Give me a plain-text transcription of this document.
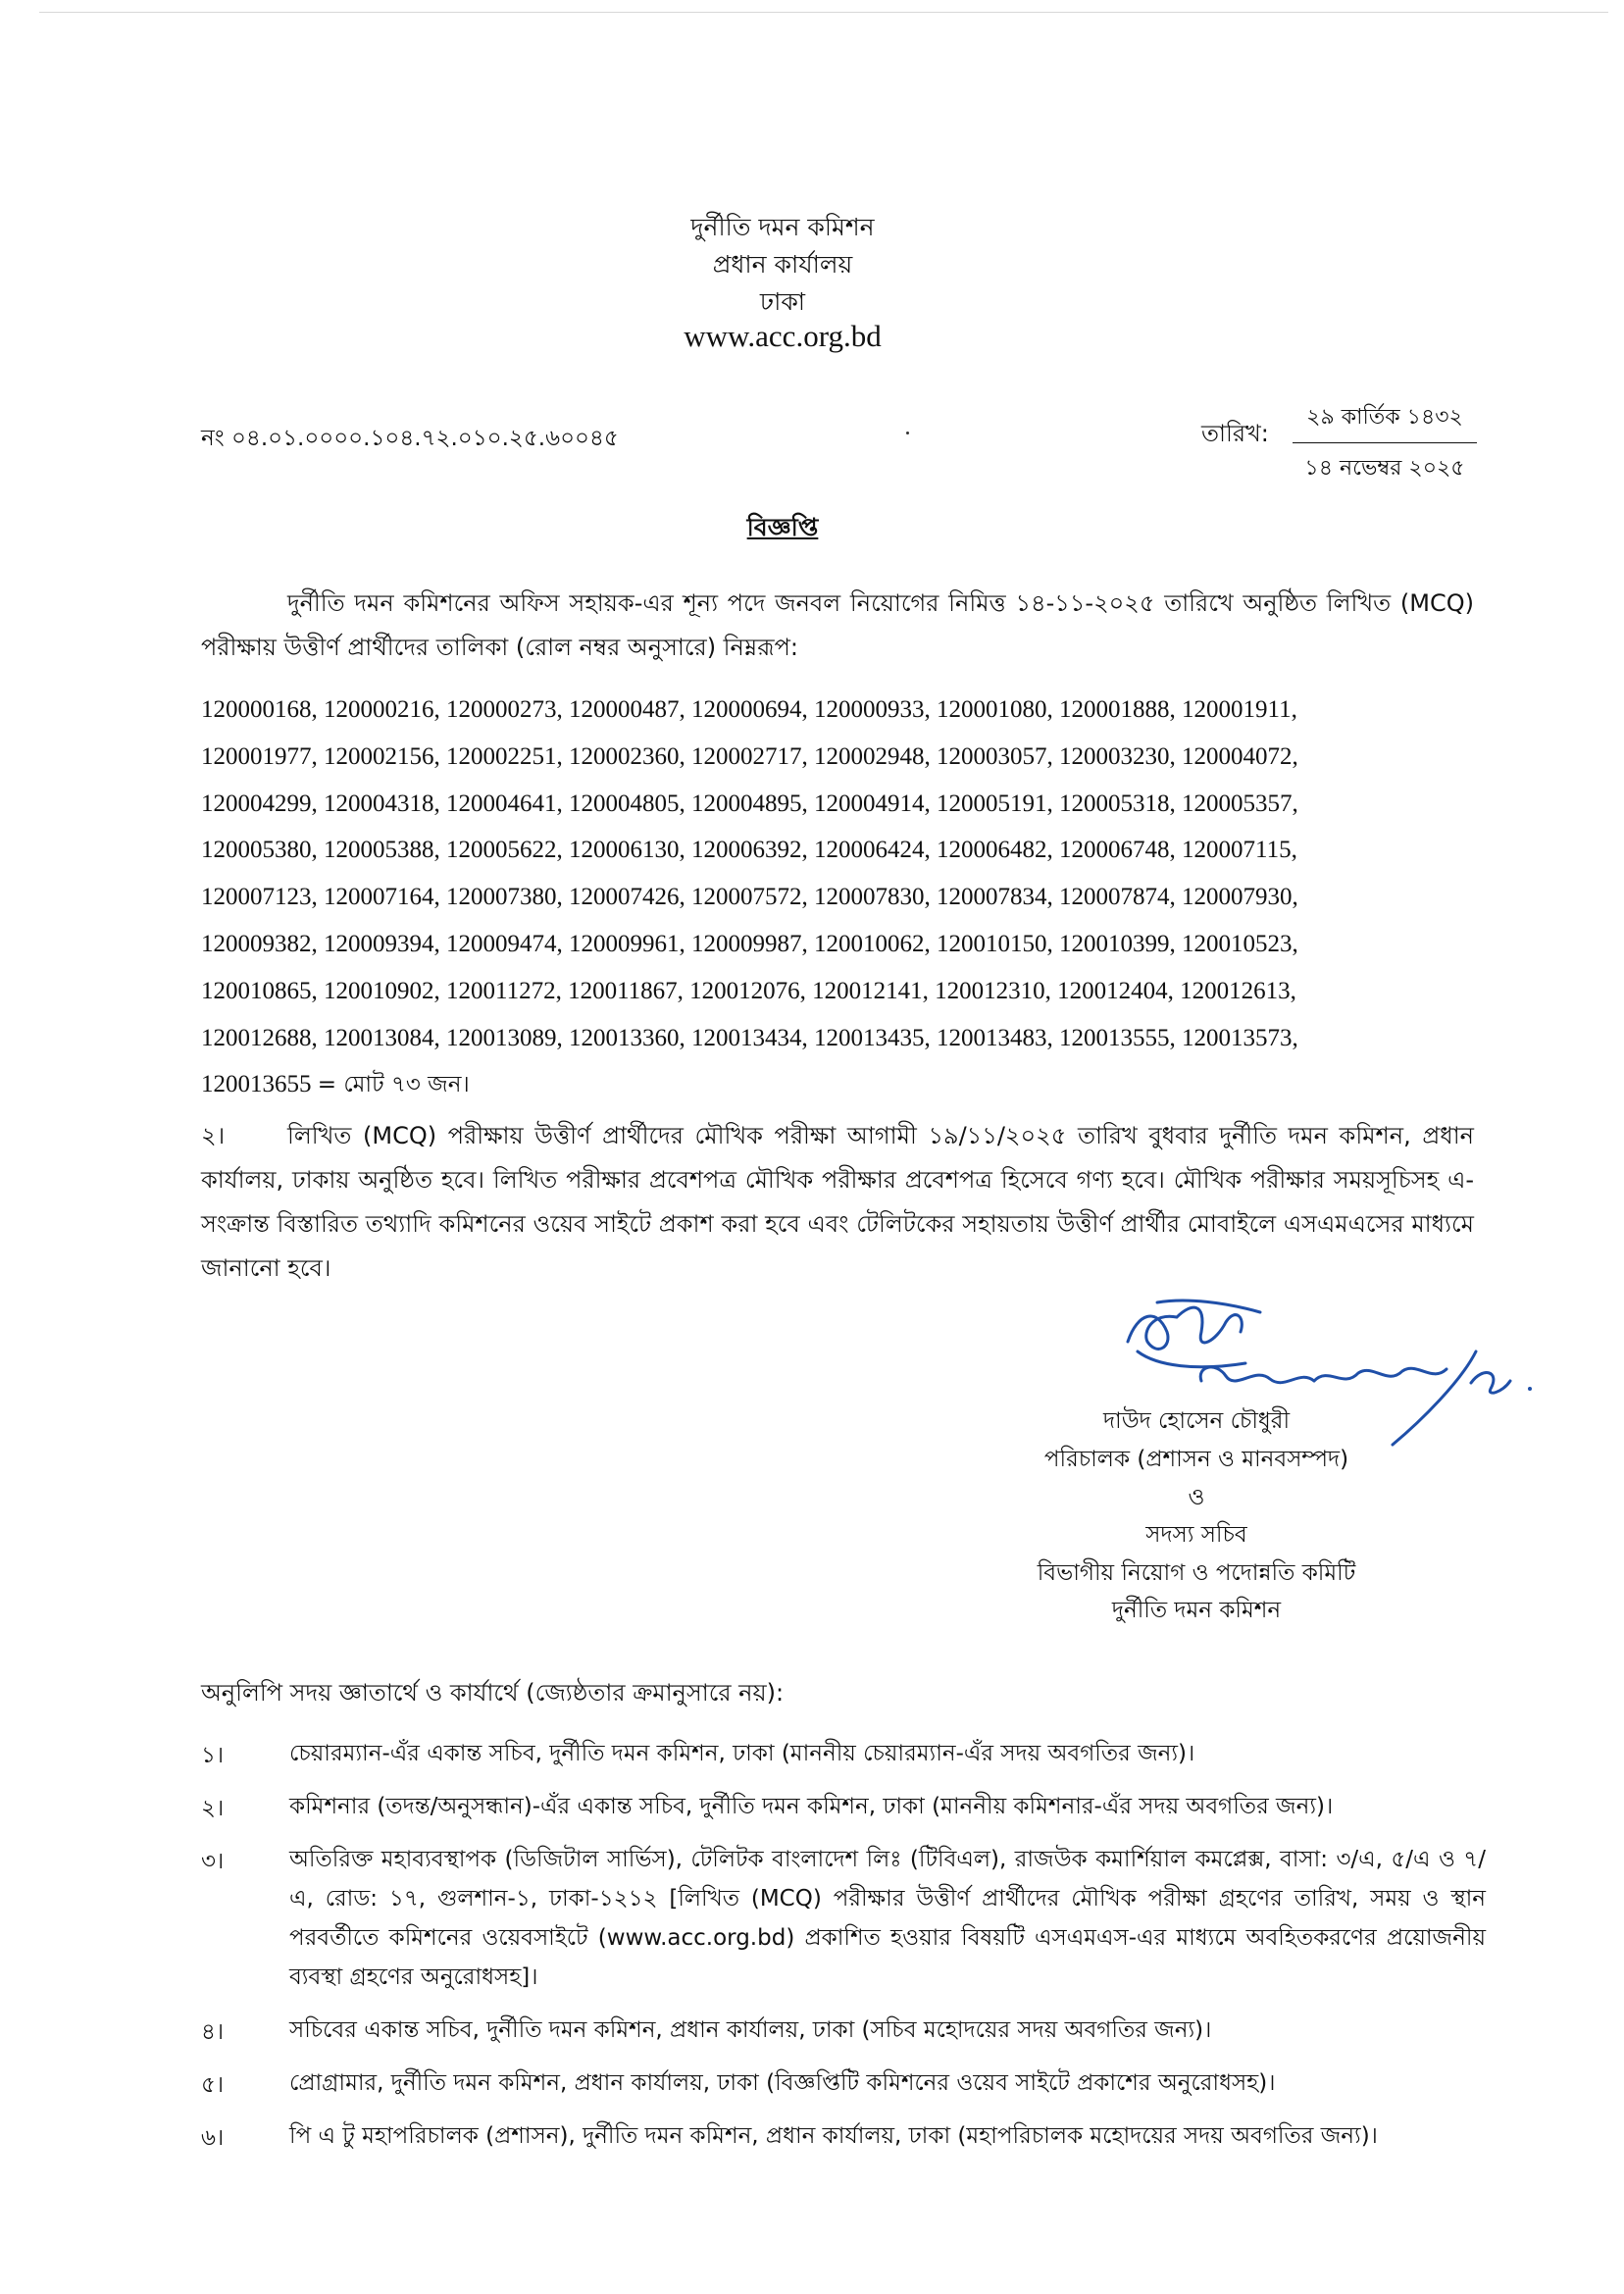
দুর্নীতি দমন কমিশন
প্রধান কার্যালয়
ঢাকা
www.acc.org.bd
নং ০৪.০১.০০০০.১০৪.৭২.০১০.২৫.৬০০৪৫	তারিখ:
২৯ কার্তিক ১৪৩২
১৪ নভেম্বর ২০২৫
বিজ্ঞপ্তি
দুর্নীতি দমন কমিশনের অফিস সহায়ক-এর শূন্য পদে জনবল নিয়োগের নিমিত্ত ১৪-১১-২০২৫ তারিখে অনুষ্ঠিত লিখিত (MCQ) পরীক্ষায় উত্তীর্ণ প্রার্থীদের তালিকা (রোল নম্বর অনুসারে) নিম্নরূপ:
120000168, 120000216, 120000273, 120000487, 120000694, 120000933, 120001080, 120001888, 120001911,
120001977, 120002156, 120002251, 120002360, 120002717, 120002948, 120003057, 120003230, 120004072,
120004299, 120004318, 120004641, 120004805, 120004895, 120004914, 120005191, 120005318, 120005357,
120005380, 120005388, 120005622, 120006130, 120006392, 120006424, 120006482, 120006748, 120007115,
120007123, 120007164, 120007380, 120007426, 120007572, 120007830, 120007834, 120007874, 120007930,
120009382, 120009394, 120009474, 120009961, 120009987, 120010062, 120010150, 120010399, 120010523,
120010865, 120010902, 120011272, 120011867, 120012076, 120012141, 120012310, 120012404, 120012613,
120012688, 120013084, 120013089, 120013360, 120013434, 120013435, 120013483, 120013555, 120013573,
120013655 = মোট ৭৩ জন।
২।	লিখিত (MCQ) পরীক্ষায় উত্তীর্ণ প্রার্থীদের মৌখিক পরীক্ষা আগামী ১৯/১১/২০২৫ তারিখ বুধবার দুর্নীতি দমন কমিশন, প্রধান কার্যালয়, ঢাকায় অনুষ্ঠিত হবে। লিখিত পরীক্ষার প্রবেশপত্র মৌখিক পরীক্ষার প্রবেশপত্র হিসেবে গণ্য হবে। মৌখিক পরীক্ষার সময়সূচিসহ এ-সংক্রান্ত বিস্তারিত তথ্যাদি কমিশনের ওয়েব সাইটে প্রকাশ করা হবে এবং টেলিটকের সহায়তায় উত্তীর্ণ প্রার্থীর মোবাইলে এসএমএসের মাধ্যমে জানানো হবে।
দাউদ হোসেন চৌধুরী
পরিচালক (প্রশাসন ও মানবসম্পদ)
ও
সদস্য সচিব
বিভাগীয় নিয়োগ ও পদোন্নতি কমিটি
দুর্নীতি দমন কমিশন
অনুলিপি সদয় জ্ঞাতার্থে ও কার্যার্থে (জ্যেষ্ঠতার ক্রমানুসারে নয়):
১।	চেয়ারম্যান-এঁর একান্ত সচিব, দুর্নীতি দমন কমিশন, ঢাকা (মাননীয় চেয়ারম্যান-এঁর সদয় অবগতির জন্য)।
২।	কমিশনার (তদন্ত/অনুসন্ধান)-এঁর একান্ত সচিব, দুর্নীতি দমন কমিশন, ঢাকা (মাননীয় কমিশনার-এঁর সদয় অবগতির জন্য)।
৩।	অতিরিক্ত মহাব্যবস্থাপক (ডিজিটাল সার্ভিস), টেলিটক বাংলাদেশ লিঃ (টিবিএল), রাজউক কমার্শিয়াল কমপ্লেক্স, বাসা: ৩/এ, ৫/এ ও ৭/এ, রোড: ১৭, গুলশান-১, ঢাকা-১২১২ [লিখিত (MCQ) পরীক্ষার উত্তীর্ণ প্রার্থীদের মৌখিক পরীক্ষা গ্রহণের তারিখ, সময় ও স্থান পরবর্তীতে কমিশনের ওয়েবসাইটে (www.acc.org.bd) প্রকাশিত হওয়ার বিষয়টি এসএমএস-এর মাধ্যমে অবহিতকরণের প্রয়োজনীয় ব্যবস্থা গ্রহণের অনুরোধসহ]।
৪।	সচিবের একান্ত সচিব, দুর্নীতি দমন কমিশন, প্রধান কার্যালয়, ঢাকা (সচিব মহোদয়ের সদয় অবগতির জন্য)।
৫।	প্রোগ্রামার, দুর্নীতি দমন কমিশন, প্রধান কার্যালয়, ঢাকা (বিজ্ঞপ্তিটি কমিশনের ওয়েব সাইটে প্রকাশের অনুরোধসহ)।
৬।	পি এ টু মহাপরিচালক (প্রশাসন), দুর্নীতি দমন কমিশন, প্রধান কার্যালয়, ঢাকা (মহাপরিচালক মহোদয়ের সদয় অবগতির জন্য)।
